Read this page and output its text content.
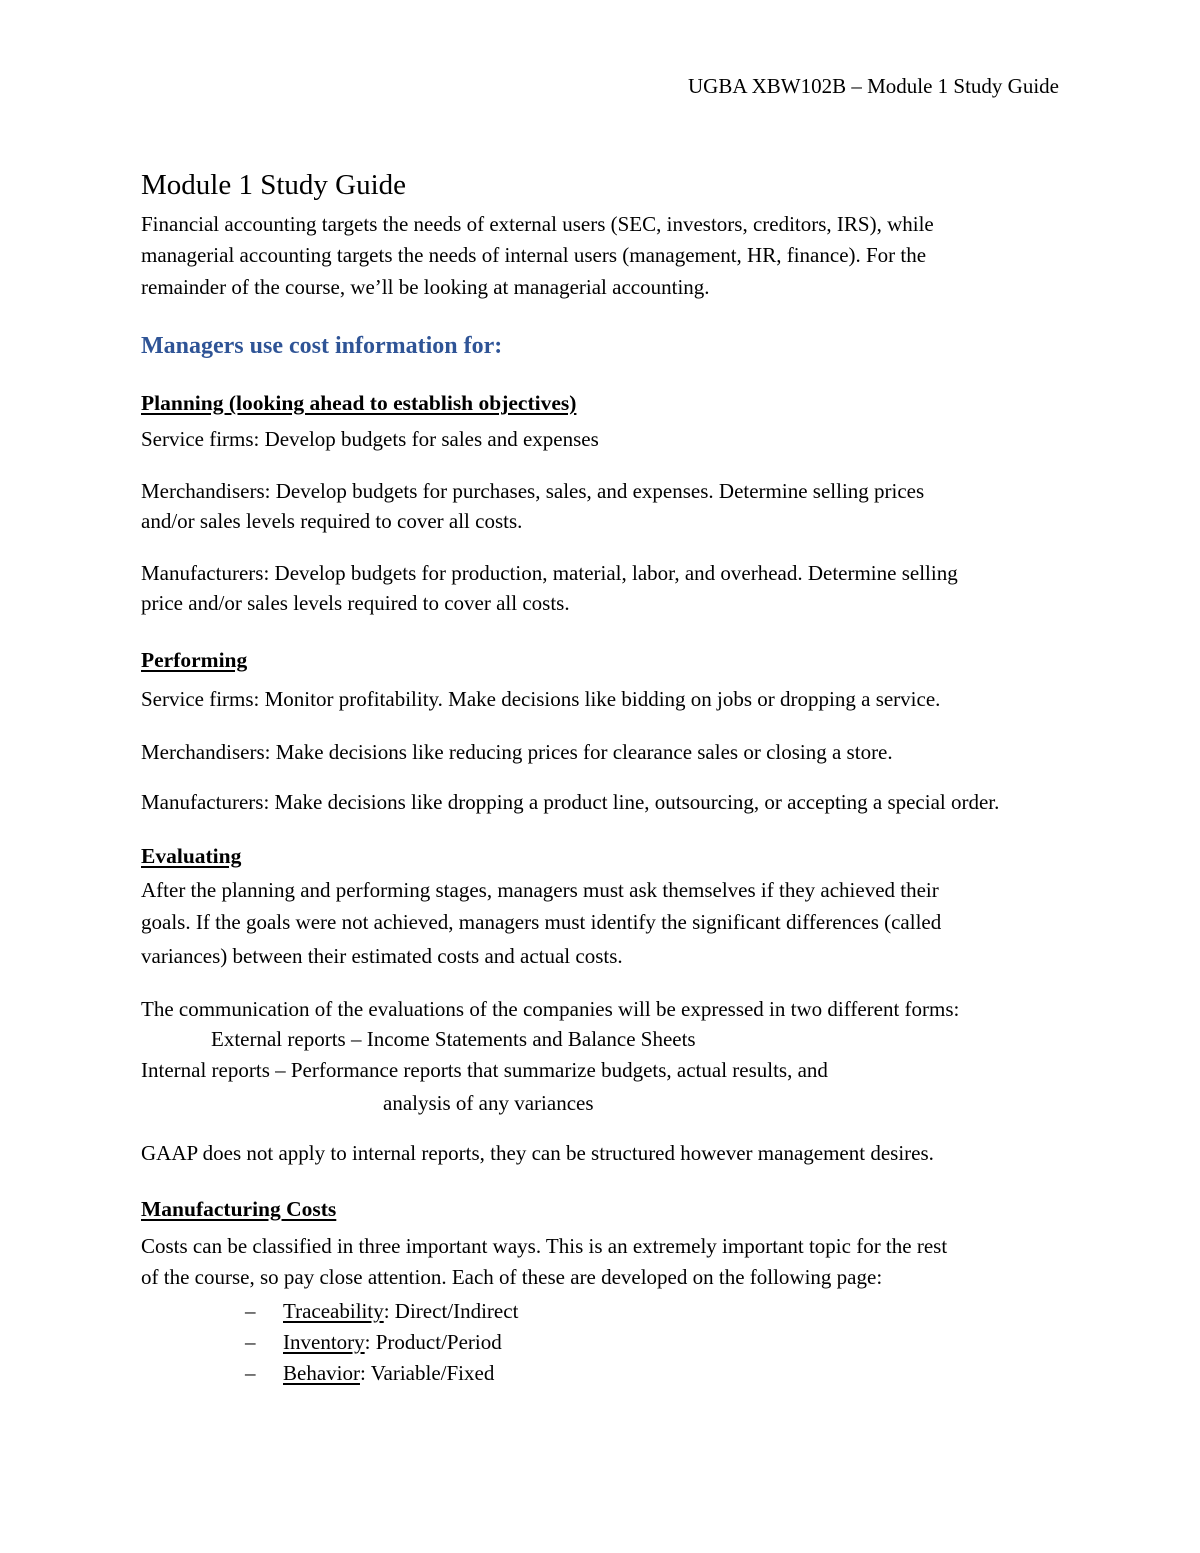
UGBA XBW102B – Module 1 Study Guide
Module 1 Study Guide
Financial accounting targets the needs of external users (SEC, investors, creditors, IRS), while
managerial accounting targets the needs of internal users (management, HR, finance). For the
remainder of the course, we’ll be looking at managerial accounting.
Managers use cost information for:
Planning (looking ahead to establish objectives)
Service firms: Develop budgets for sales and expenses
Merchandisers: Develop budgets for purchases, sales, and expenses. Determine selling prices
and/or sales levels required to cover all costs.
Manufacturers: Develop budgets for production, material, labor, and overhead. Determine selling
price and/or sales levels required to cover all costs.
Performing
Service firms: Monitor profitability. Make decisions like bidding on jobs or dropping a service.
Merchandisers: Make decisions like reducing prices for clearance sales or closing a store.
Manufacturers: Make decisions like dropping a product line, outsourcing, or accepting a special order.
Evaluating
After the planning and performing stages, managers must ask themselves if they achieved their
goals. If the goals were not achieved, managers must identify the significant differences (called
variances) between their estimated costs and actual costs.
The communication of the evaluations of the companies will be expressed in two different forms:
External reports – Income Statements and Balance Sheets
Internal reports – Performance reports that summarize budgets, actual results, and
analysis of any variances
GAAP does not apply to internal reports, they can be structured however management desires.
Manufacturing Costs
Costs can be classified in three important ways. This is an extremely important topic for the rest
of the course, so pay close attention. Each of these are developed on the following page:
– Traceability: Direct/Indirect
– Inventory: Product/Period
– Behavior: Variable/Fixed
